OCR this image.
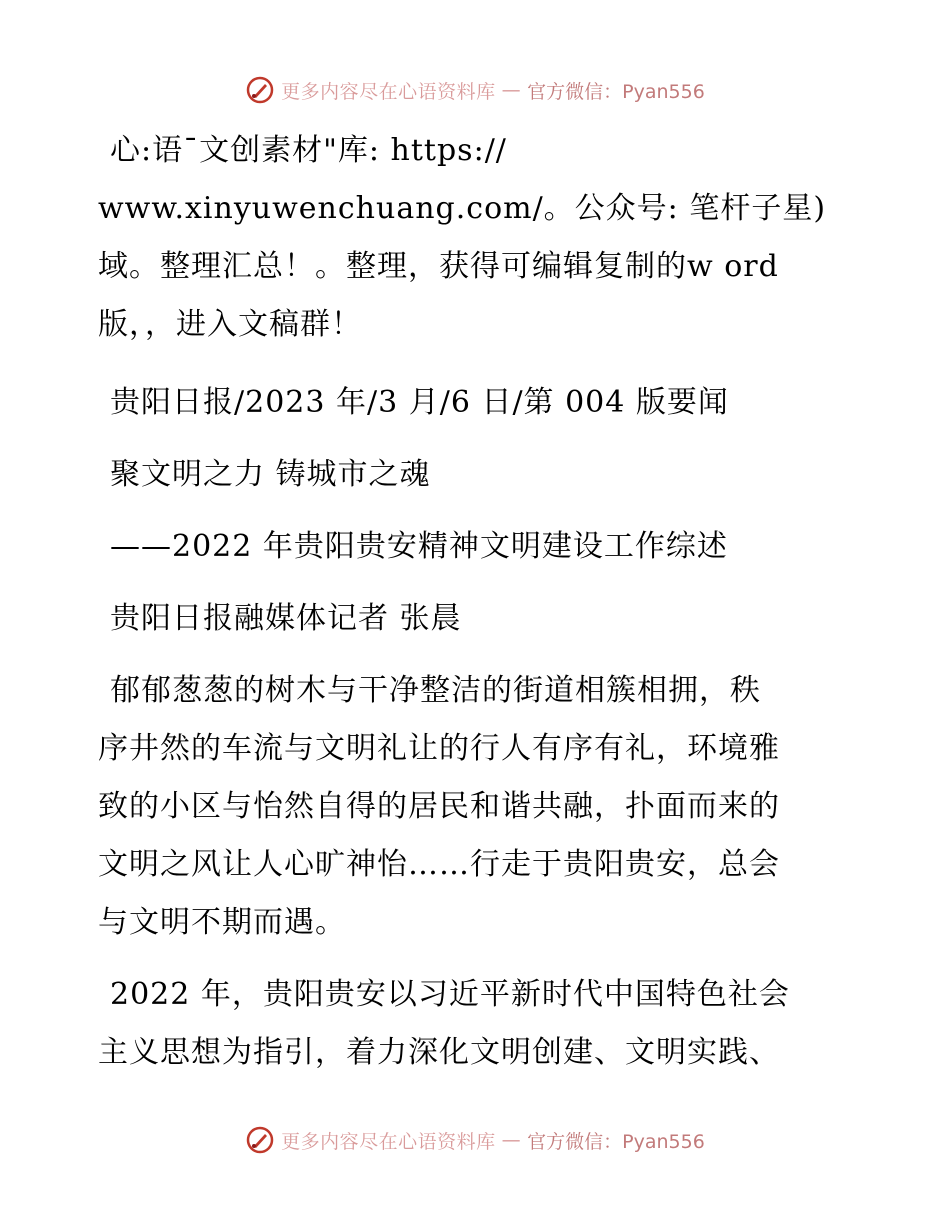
更多内容尽在心语资料库 — 官方微信：Pyan556
心:语¯文创素材"库: https://
www.xinyuwenchuang.com/。公众号: 笔杆子星)
域。整理汇总！。整理，获得可编辑复制的w ord
版，，进入文稿群！
贵阳日报/2023 年/3 月/6 日/第 004 版要闻
聚文明之力 铸城市之魂
——2022 年贵阳贵安精神文明建设工作综述
贵阳日报融媒体记者 张晨
郁郁葱葱的树木与干净整洁的街道相簇相拥，秩
序井然的车流与文明礼让的行人有序有礼，环境雅
致的小区与怡然自得的居民和谐共融，扑面而来的
文明之风让人心旷神怡……行走于贵阳贵安，总会
与文明不期而遇。
2022 年，贵阳贵安以习近平新时代中国特色社会
主义思想为指引，着力深化文明创建、文明实践、
更多内容尽在心语资料库 — 官方微信：Pyan556
